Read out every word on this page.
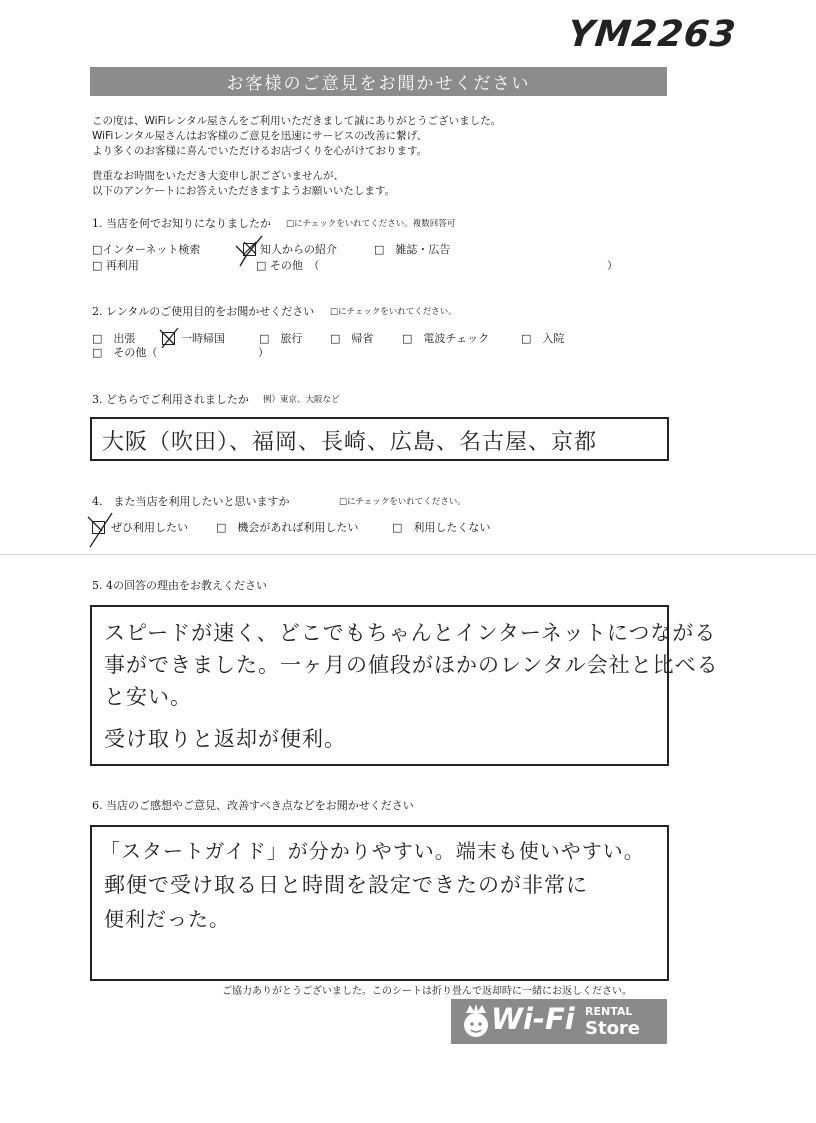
YM2263
お客様のご意見をお聞かせください
この度は、WiFiレンタル屋さんをご利用いただきまして誠にありがとうございました。
WiFiレンタル屋さんはお客様のご意見を迅速にサービスの改善に繋げ、
より多くのお客様に喜んでいただけるお店づくりを心がけております。
貴重なお時間をいただき大変申し訳ございませんが、
以下のアンケートにお答えいただきますようお願いいたします。
1. 当店を何でお知りになりましたか □にチェックをいれてください。複数回答可
□インターネット検索	知人からの紹介	□　雑誌・広告
□ 再利用	□ その他　（	）
2. レンタルのご使用目的をお聞かせください □にチェックをいれてください。
□　出張	一時帰国	□　旅行	□　帰省	□　電波チェック	□　入院
□　その他（	）
3. どちらでご利用されましたか 例）東京、大阪など
大阪（吹田）、福岡、長崎、広島、名古屋、京都
4.　また当店を利用したいと思いますか	□にチェックをいれてください。
ぜひ利用したい	□　機会があれば利用したい	□　利用したくない
5. 4の回答の理由をお教えください
スピードが速く、どこでもちゃんとインターネットにつながる
事ができました。一ヶ月の値段がほかのレンタル会社と比べる
と安い。
受け取りと返却が便利。
6. 当店のご感想やご意見、改善すべき点などをお聞かせください
「スタートガイド」が分かりやすい。端末も使いやすい。
郵便で受け取る日と時間を設定できたのが非常に
便利だった。
ご協力ありがとうございました。このシートは折り畳んで返却時に一緒にお返しください。
Wi-Fi RENTAL
Store
